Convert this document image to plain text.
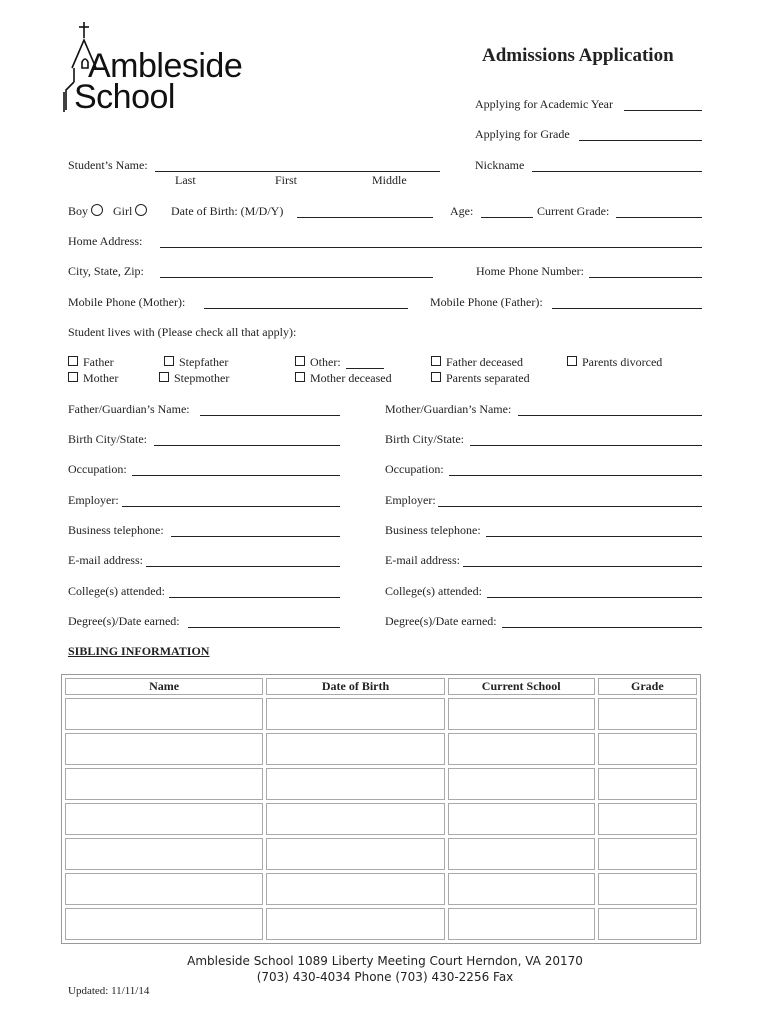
Ambleside
School
Admissions Application
Applying for Academic Year
Applying for Grade
Student’s Name:
Last	First	Middle
Nickname
Boy	Girl	Date of Birth: (M/D/Y)	Age:	Current Grade:
Home Address:
City, State, Zip:	Home Phone Number:
Mobile Phone (Mother):	Mobile Phone (Father):
Student lives with (Please check all that apply):
Father
Mother
Stepfather
Stepmother
Other:
Mother deceased
Father deceased
Parents separated
Parents divorced
Father/Guardian’s Name:	Mother/Guardian’s Name:
Birth City/State:	Birth City/State:
Occupation:	Occupation:
Employer:	Employer:
Business telephone:	Business telephone:
E-mail address:	E-mail address:
College(s) attended:	College(s) attended:
Degree(s)/Date earned:	Degree(s)/Date earned:
SIBLING INFORMATION
Name	Date of Birth	Current School	Grade

Ambleside School 1089 Liberty Meeting Court Herndon, VA 20170
(703) 430-4034 Phone (703) 430-2256 Fax
Updated: 11/11/14
